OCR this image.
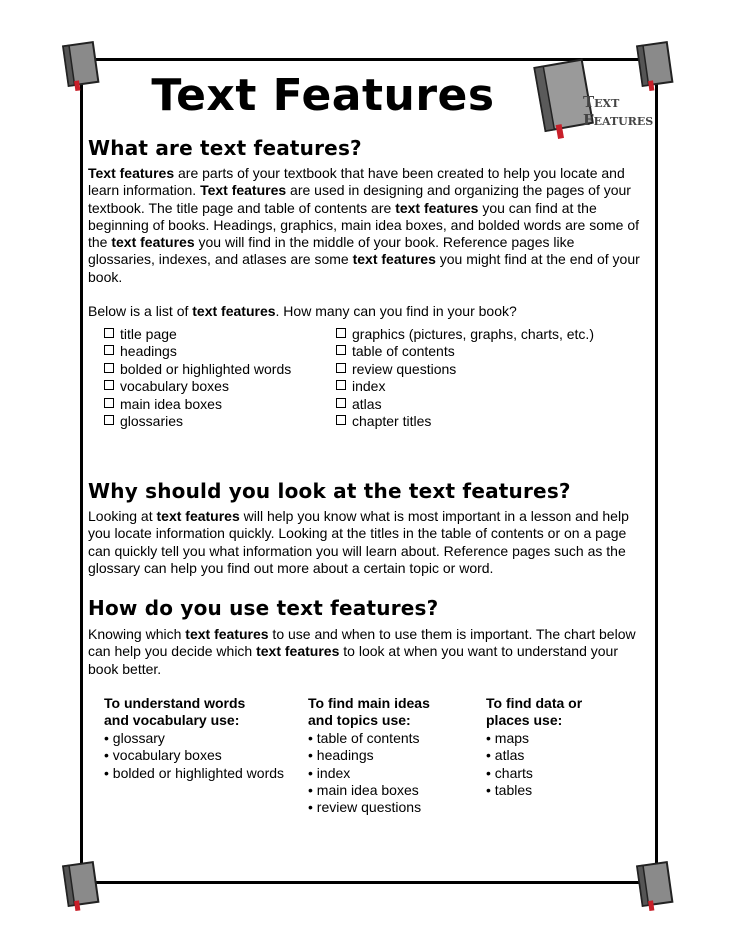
Text Features	Text
Features
What are text features?

Text features are parts of your textbook that have been created to help you locate and learn information. Text features are used in designing and organizing the pages of your textbook. The title page and table of contents are text features you can find at the beginning of books. Headings, graphics, main idea boxes, and bolded words are some of the text features you will find in the middle of your book. Reference pages like glossaries, indexes, and atlases are some text features you might find at the end of your book.

Below is a list of text features. How many can you find in your book?

title page
headings
bolded or highlighted words
vocabulary boxes
main idea boxes
glossaries
graphics (pictures, graphs, charts, etc.)
table of contents
review questions
index
atlas
chapter titles
Why should you look at the text features?

Looking at text features will help you know what is most important in a lesson and help you locate information quickly. Looking at the titles in the table of contents or on a page can quickly tell you what information you will learn about. Reference pages such as the glossary can help you find out more about a certain topic or word.

How do you use text features?

Knowing which text features to use and when to use them is important. The chart below can help you decide which text features to look at when you want to understand your book better.

To understand words
and vocabulary use:
• glossary
• vocabulary boxes
• bolded or highlighted words
To find main ideas
and topics use:
• table of contents
• headings
• index
• main idea boxes
• review questions
To find data or
places use:
• maps
• atlas
• charts
• tables
